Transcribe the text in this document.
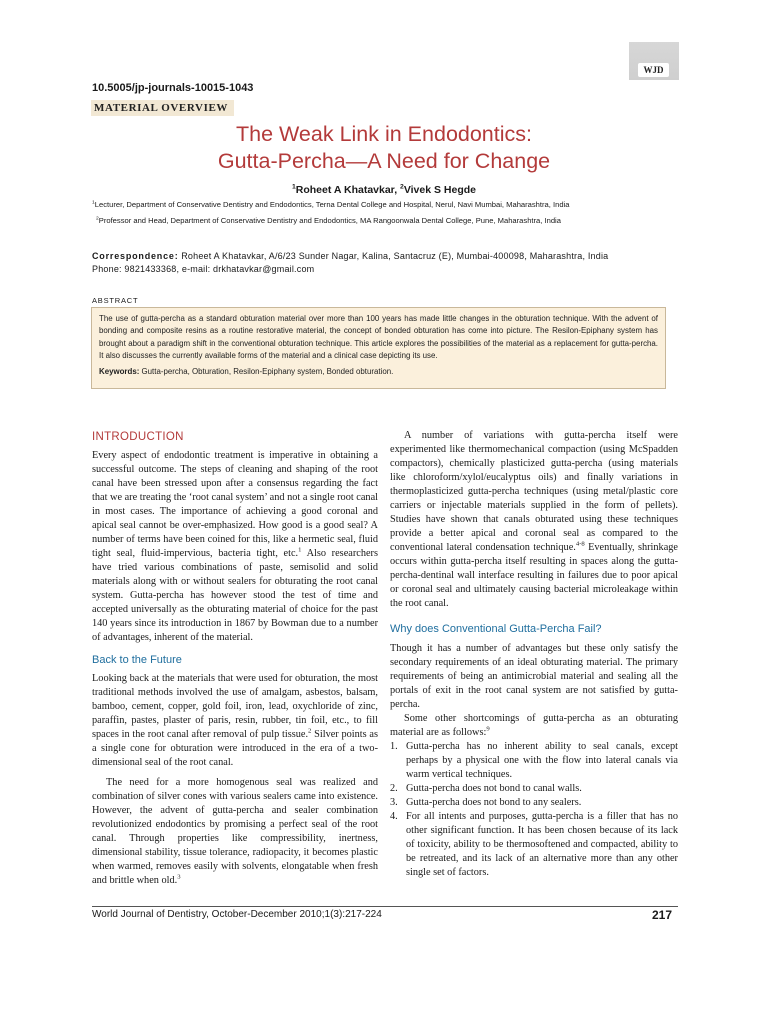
WJD
10.5005/jp-journals-10015-1043
MATERIAL OVERVIEW
The Weak Link in Endodontics:
Gutta-Percha—A Need for Change
$^1$Roheet A Khatavkar, $^2$Vivek S Hegde
$^1$Lecturer, Department of Conservative Dentistry and Endodontics, Terna Dental College and Hospital, Nerul, Navi Mumbai, Maharashtra, India
$^2$Professor and Head, Department of Conservative Dentistry and Endodontics, MA Rangoonwala Dental College, Pune, Maharashtra, India
Correspondence: Roheet A Khatavkar, A/6/23 Sunder Nagar, Kalina, Santacruz (E), Mumbai-400098, Maharashtra, India
Phone: 9821433368, e-mail: drkhatavkar@gmail.com
ABSTRACT
The use of gutta-percha as a standard obturation material over more than 100 years has made little changes in the obturation technique. With the advent of bonding and composite resins as a routine restorative material, the concept of bonded obturation has come into picture. The Resilon-Epiphany system has brought about a paradigm shift in the conventional obturation technique. This article explores the possibilities of the material as a replacement for gutta-percha. It also discusses the currently available forms of the material and a clinical case depicting its use.
Keywords: Gutta-percha, Obturation, Resilon-Epiphany system, Bonded obturation.
INTRODUCTION

Every aspect of endodontic treatment is imperative in obtaining a successful outcome. The steps of cleaning and shaping of the root canal have been stressed upon after a consensus regarding the fact that we are treating the ‘root canal system’ and not a single root canal in most cases. The importance of achieving a good coronal and apical seal cannot be over-emphasized. How good is a good seal? A number of terms have been coined for this, like a hermetic seal, fluid tight seal, fluid-impervious, bacteria tight, etc.$^1$ Also researchers have tried various combinations of paste, semisolid and solid materials along with or without sealers for obturating the root canal system. Gutta-percha has however stood the test of time and accepted universally as the obturating material of choice for the past 140 years since its introduction in 1867 by Bowman due to a number of advantages, inherent of the material.

Back to the Future

Looking back at the materials that were used for obturation, the most traditional methods involved the use of amalgam, asbestos, balsam, bamboo, cement, copper, gold foil, iron, lead, oxychloride of zinc, paraffin, pastes, plaster of paris, resin, rubber, tin foil, etc., to fill spaces in the root canal after removal of pulp tissue.$^2$ Silver points as a single cone for obturation were introduced in the era of a two-dimensional seal of the root canal.

The need for a more homogenous seal was realized and combination of silver cones with various sealers came into existence. However, the advent of gutta-percha and sealer combination revolutionized endodontics by promising a perfect seal of the root canal. Through properties like compressibility, inertness, dimensional stability, tissue tolerance, radiopacity, it becomes plastic when warmed, removes easily with solvents, elongatable when fresh and brittle when old.$^3$

A number of variations with gutta-percha itself were experimented like thermomechanical compaction (using McSpadden compactors), chemically plasticized gutta-percha (using materials like chloroform/xylol/eucalyptus oils) and finally variations in thermoplasticized gutta-percha techniques (using metal/plastic core carriers or injectable materials supplied in the form of pellets). Studies have shown that canals obturated using these techniques provide a better apical and coronal seal as compared to the conventional lateral condensation technique.$^{4-8}$ Eventually, shrinkage occurs within gutta-percha itself resulting in spaces along the gutta-percha-dentinal wall interface resulting in failures due to poor apical or coronal seal and ultimately causing bacterial microleakage within the root canal.

Why does Conventional Gutta-Percha Fail?

Though it has a number of advantages but these only satisfy the secondary requirements of an ideal obturating material. The primary requirements of being an antimicrobial material and sealing all the portals of exit in the root canal system are not satisfied by gutta-percha.

Some other shortcomings of gutta-percha as an obturating material are as follows:$^9$

1. Gutta-percha has no inherent ability to seal canals, except perhaps by a physical one with the flow into lateral canals via warm vertical techniques.
2. Gutta-percha does not bond to canal walls.
3. Gutta-percha does not bond to any sealers.
4. For all intents and purposes, gutta-percha is a filler that has no other significant function. It has been chosen because of its lack of toxicity, ability to be thermosoftened and compacted, ability to be retreated, and its lack of an alternative more than any other single set of factors.
World Journal of Dentistry, October-December 2010;1(3):217-224	217
